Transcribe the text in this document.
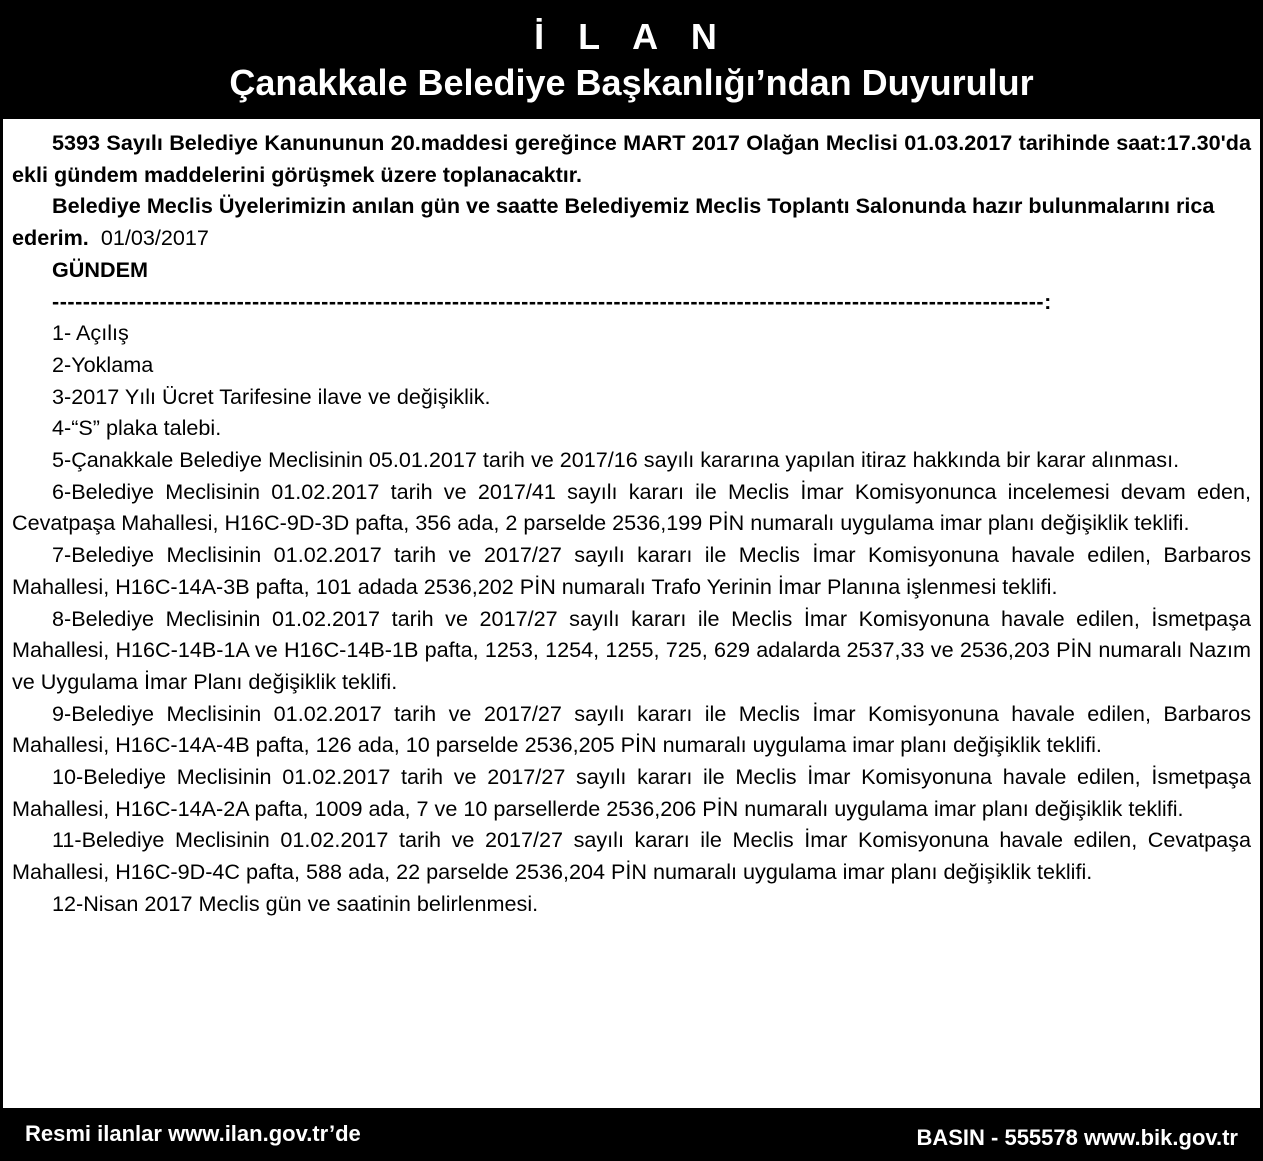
İ L A N
Çanakkale Belediye Başkanlığı’ndan Duyurulur

5393 Sayılı Belediye Kanununun 20.maddesi gereğince MART 2017 Olağan Meclisi 01.03.2017 tarihinde saat:17.30'da ekli gündem maddelerini görüşmek üzere toplanacaktır.

Belediye Meclis Üyelerimizin anılan gün ve saatte Belediyemiz Meclis Toplantı Salonunda hazır bulunmalarını rica ederim. 01/03/2017

GÜNDEM

---------------------------------------------------------------------------------------------------------------------------------:

1- Açılış

2-Yoklama

3-2017 Yılı Ücret Tarifesine ilave ve değişiklik.

4-“S” plaka talebi.

5-Çanakkale Belediye Meclisinin 05.01.2017 tarih ve 2017/16 sayılı kararına yapılan itiraz hakkında bir karar alınması.

6-Belediye Meclisinin 01.02.2017 tarih ve 2017/41 sayılı kararı ile Meclis İmar Komisyonunca incelemesi devam eden, Cevatpaşa Mahallesi, H16C-9D-3D pafta, 356 ada, 2 parselde 2536,199 PİN numaralı uygulama imar planı değişiklik teklifi.

7-Belediye Meclisinin 01.02.2017 tarih ve 2017/27 sayılı kararı ile Meclis İmar Komisyonuna havale edilen, Barbaros Mahallesi, H16C-14A-3B pafta, 101 adada 2536,202 PİN numaralı Trafo Yerinin İmar Planına işlenmesi teklifi.

8-Belediye Meclisinin 01.02.2017 tarih ve 2017/27 sayılı kararı ile Meclis İmar Komisyonuna havale edilen, İsmetpaşa Mahallesi, H16C-14B-1A ve H16C-14B-1B pafta, 1253, 1254, 1255, 725, 629 adalarda 2537,33 ve 2536,203 PİN numaralı Nazım ve Uygulama İmar Planı değişiklik teklifi.

9-Belediye Meclisinin 01.02.2017 tarih ve 2017/27 sayılı kararı ile Meclis İmar Komisyonuna havale edilen, Barbaros Mahallesi, H16C-14A-4B pafta, 126 ada, 10 parselde 2536,205 PİN numaralı uygulama imar planı değişiklik teklifi.

10-Belediye Meclisinin 01.02.2017 tarih ve 2017/27 sayılı kararı ile Meclis İmar Komisyonuna havale edilen, İsmetpaşa Mahallesi, H16C-14A-2A pafta, 1009 ada, 7 ve 10 parsellerde 2536,206 PİN numaralı uygulama imar planı değişiklik teklifi.

11-Belediye Meclisinin 01.02.2017 tarih ve 2017/27 sayılı kararı ile Meclis İmar Komisyonuna havale edilen, Cevatpaşa Mahallesi, H16C-9D-4C pafta, 588 ada, 22 parselde 2536,204 PİN numaralı uygulama imar planı değişiklik teklifi.

12-Nisan 2017 Meclis gün ve saatinin belirlenmesi.

Resmi ilanlar www.ilan.gov.tr’de	BASIN - 555578 www.bik.gov.tr
